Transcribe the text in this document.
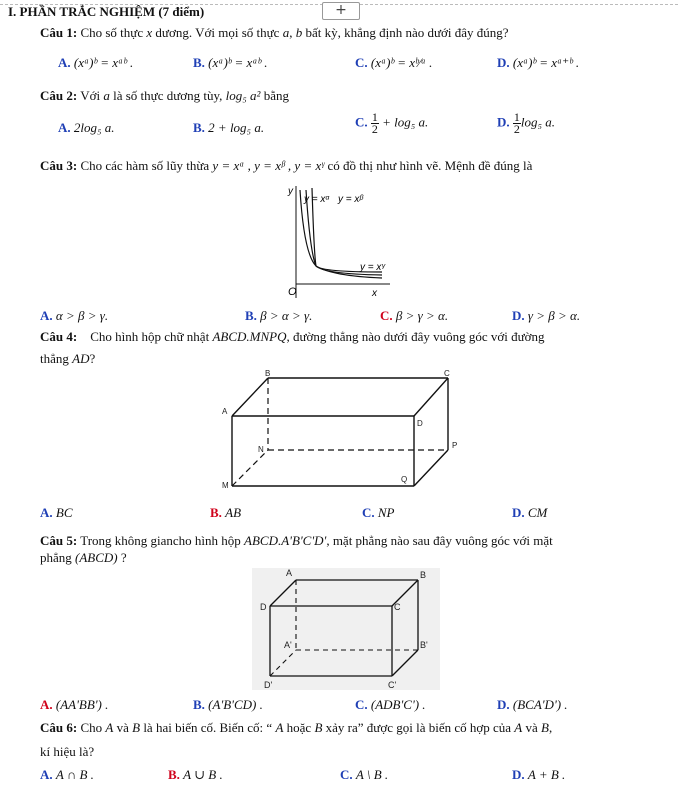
+
I. PHẦN TRẮC NGHIỆM (7 điểm)
Câu 1: Cho số thực x dương. Với mọi số thực a, b bất kỳ, khẳng định nào dưới đây đúng?
A. (xᵃ)ᵇ = xᵃᵇ .	B. (xᵃ)ᵇ = xᵃᵇ .	C. (xᵃ)ᵇ = xᵇ⁄ᵃ .	D. (xᵃ)ᵇ = xᵃ⁺ᵇ .
Câu 2: Với a là số thực dương tùy, log₅ a² bằng
A. 2log₅ a.	B. 2 + log₅ a.	C. $\frac{1}{2} + \log_5$ a.	D. $\frac{1}{2} \log_5$ a.
Câu 3: Cho các hàm số lũy thừa y = xᵅ , y = xᵝ , y = xᵞ có đồ thị như hình vẽ. Mệnh đề đúng là
y
y = xᵅ y = xᵝ
y = xᵞ
O	x
A. α > β > γ.	B. β > α > γ.	C. β > γ > α.	D. γ > β > α.
Câu 4: Cho hình hộp chữ nhật ABCD.MNPQ, đường thẳng nào dưới đây vuông góc với đường
thẳng AD?
B	C
A
D
N	P
M
Q
A. BC	B. AB	C. NP	D. CM
Câu 5: Trong không giancho hình hộp ABCD.A'B'C'D', mặt phẳng nào sau đây vuông góc với mặt
phẳng (ABCD) ?
A	B
D	C
A'	B'
D'	C'
A. (AA'BB') .	B. (A'B'CD) .	C. (ADB'C') .	D. (BCA'D') .
Câu 6: Cho A và B là hai biến cố. Biến cố: “ A hoặc B xảy ra” được gọi là biến cố hợp của A và B,
kí hiệu là?
A. A ∩ B .	B. A ∪ B .	C. A \ B .	D. A + B .
